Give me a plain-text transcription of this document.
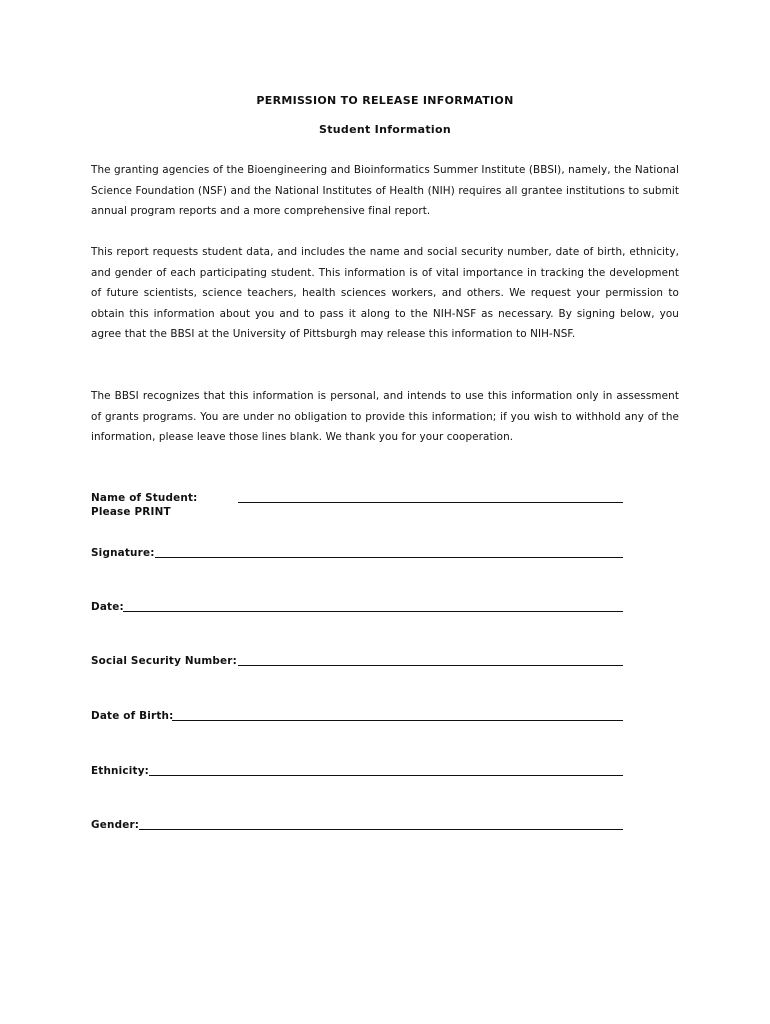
PERMISSION TO RELEASE INFORMATION
Student Information

The granting agencies of the Bioengineering and Bioinformatics Summer Institute (BBSI), namely, the National Science Foundation (NSF) and the National Institutes of Health (NIH) requires all grantee institutions to submit annual program reports and a more comprehensive final report.

This report requests student data, and includes the name and social security number, date of birth, ethnicity, and gender of each participating student. This information is of vital importance in tracking the development of future scientists, science teachers, health sciences workers, and others. We request your permission to obtain this information about you and to pass it along to the NIH-NSF as necessary. By signing below, you agree that the BBSI at the University of Pittsburgh may release this information to NIH-NSF.

The BBSI recognizes that this information is personal, and intends to use this information only in assessment of grants programs. You are under no obligation to provide this information; if you wish to withhold any of the information, please leave those lines blank. We thank you for your cooperation.

Name of Student:
Please PRINT
Signature:
Date:
Social Security Number:
Date of Birth:
Ethnicity:
Gender:
